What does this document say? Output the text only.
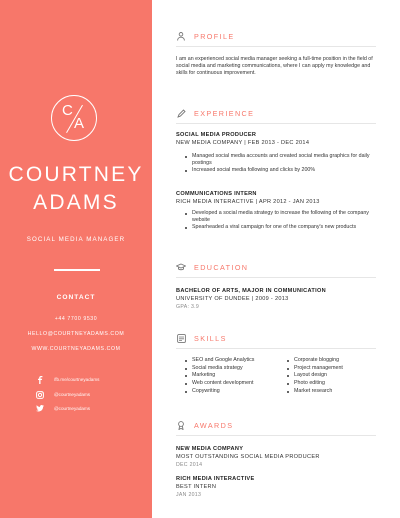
C
A
COURTNEY
ADAMS
SOCIAL MEDIA MANAGER
CONTACT
+44 7700 9530
HELLO@COURTNEYADAMS.COM
WWW.COURTNEYADAMS.COM
/fb.me/courtneyadams
@courtneyadams
@courtneyadams
PROFILE
I am an experienced social media manager seeking a full-time position in the field of social media and marketing communications, where I can apply my knowledge and skills for continuous improvement.
EXPERIENCE
SOCIAL MEDIA PRODUCER
NEW MEDIA COMPANY | FEB 2013 - DEC 2014
Managed social media accounts and created social media graphics for daily postings
Increased social media following and clicks by 200%
COMMUNICATIONS INTERN
RICH MEDIA INTERACTIVE | APR 2012 - JAN 2013
Developed a social media strategy to increase the following of the company website
Spearheaded a viral campaign for one of the company's new products
EDUCATION
BACHELOR OF ARTS, MAJOR IN COMMUNICATION
UNIVERSITY OF DUNDEE | 2009 - 2013
GPA: 3.9
SKILLS
SEO and Google Analytics
Social media strategy
Marketing
Web content development
Copywriting
Corporate blogging
Project management
Layout design
Photo editing
Market research
AWARDS
NEW MEDIA COMPANY
MOST OUTSTANDING SOCIAL MEDIA PRODUCER
DEC 2014
RICH MEDIA INTERACTIVE
BEST INTERN
JAN 2013
